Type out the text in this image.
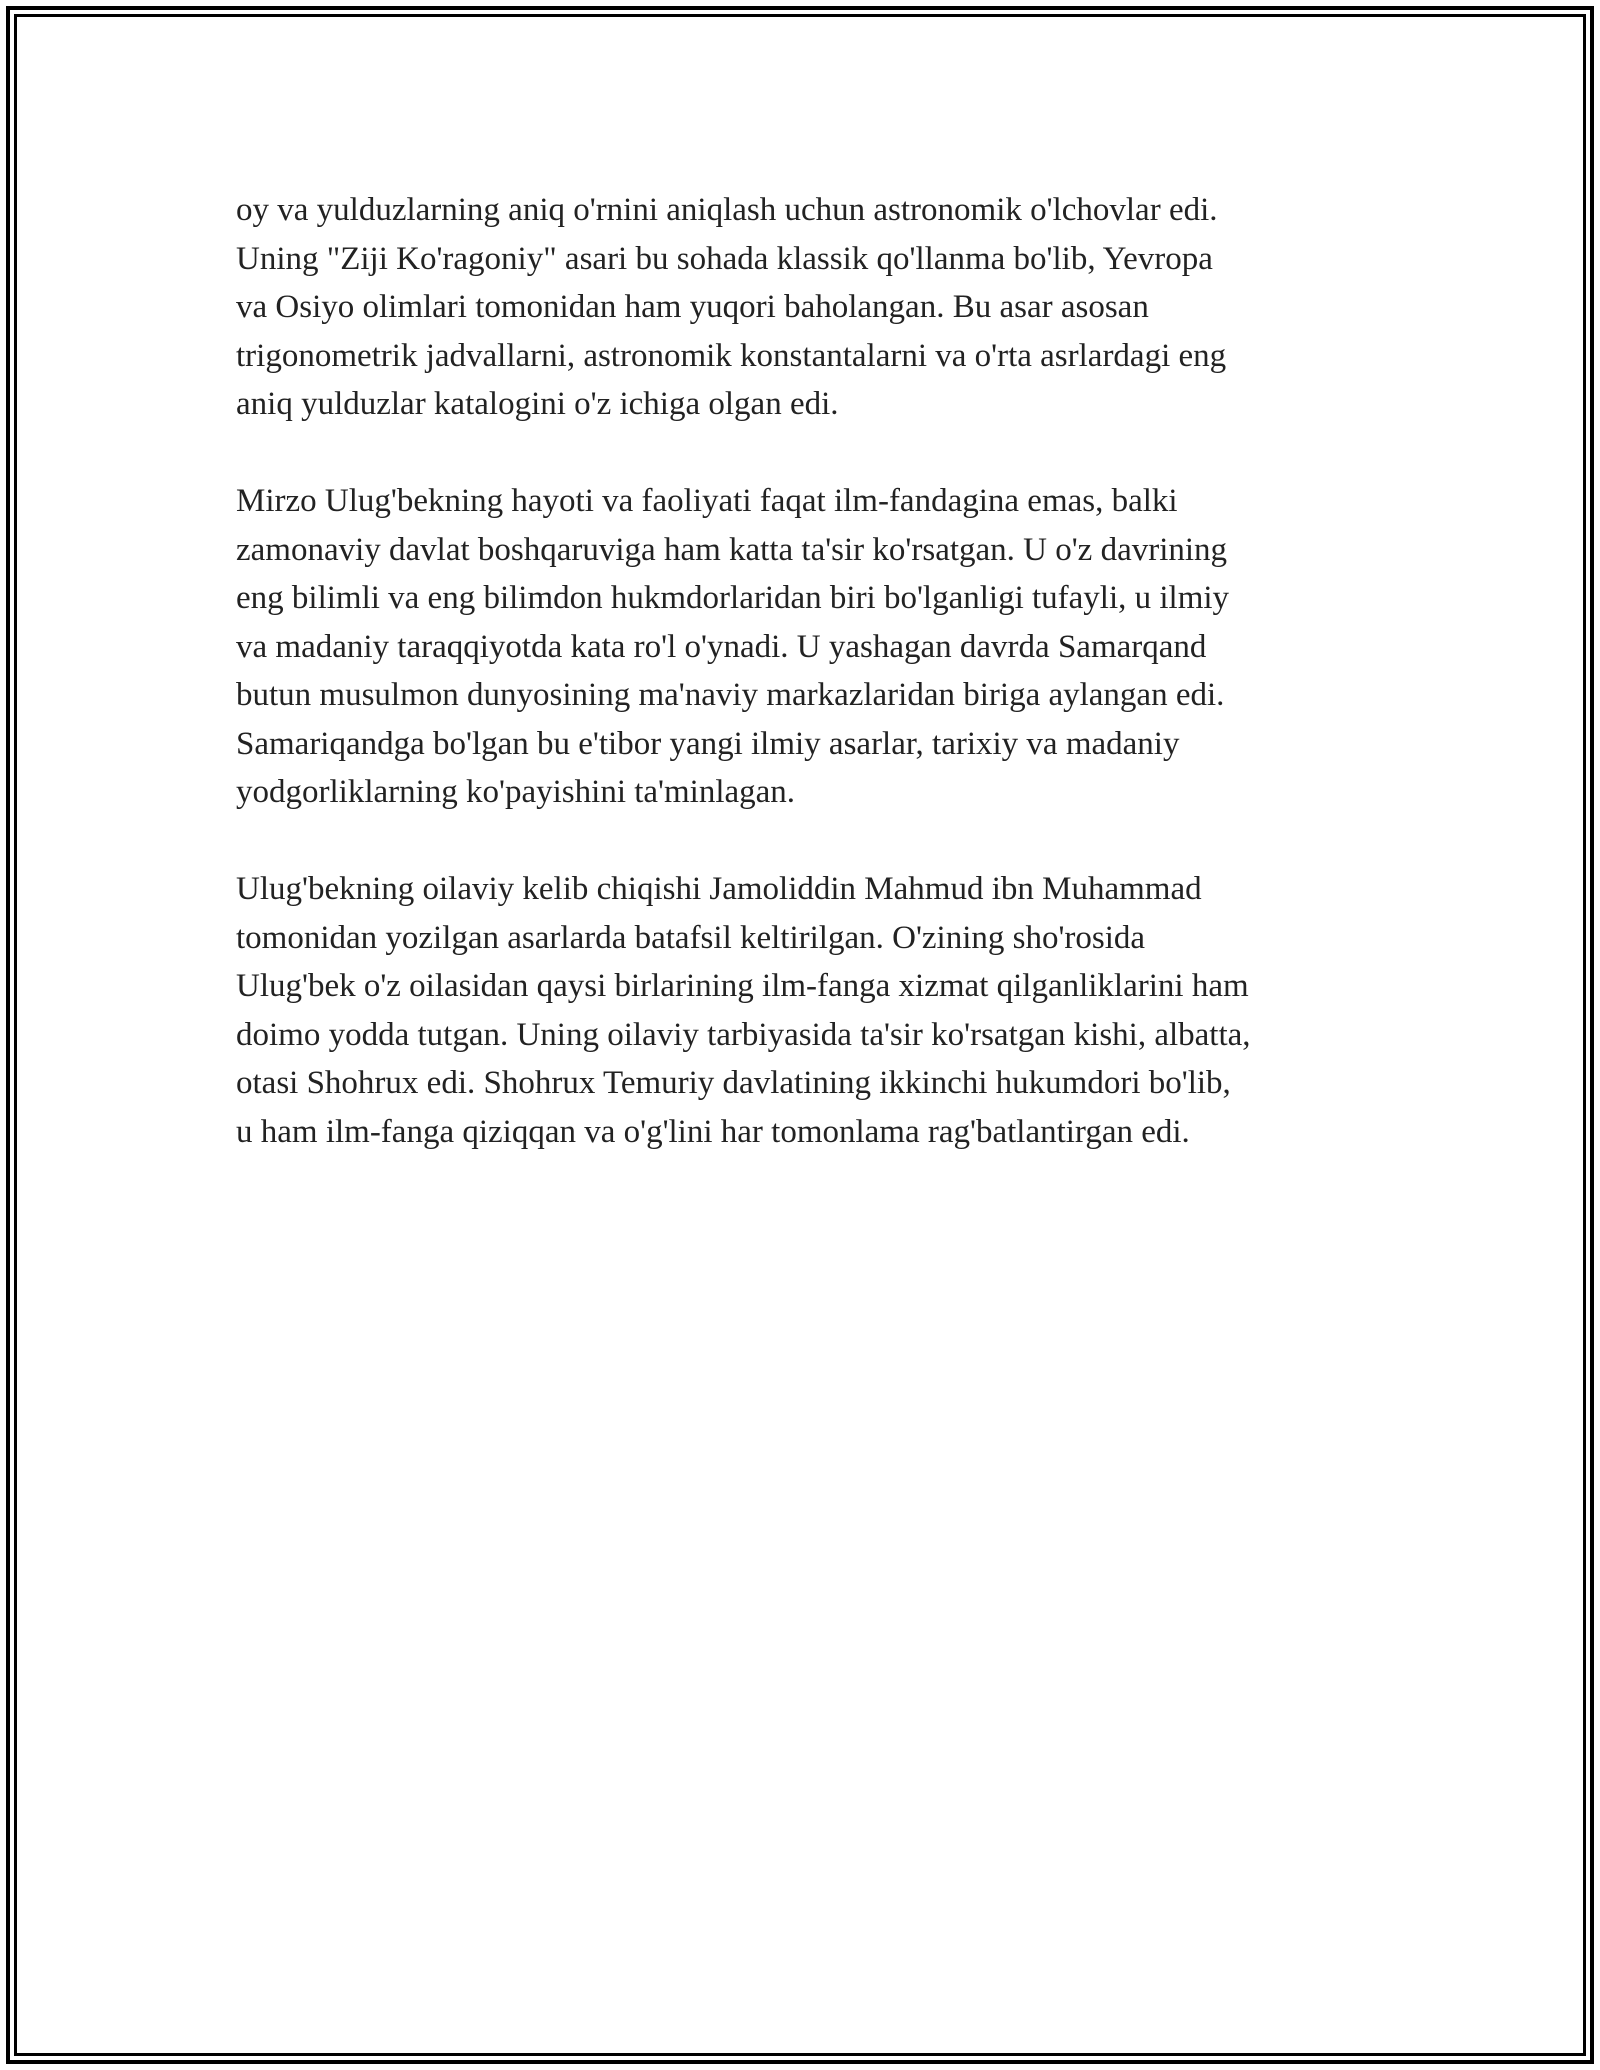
oy va yulduzlarning aniq o'rnini aniqlash uchun astronomik o'lchovlar edi.
Uning "Ziji Ko'ragoniy" asari bu sohada klassik qo'llanma bo'lib, Yevropa
va Osiyo olimlari tomonidan ham yuqori baholangan. Bu asar asosan
trigonometrik jadvallarni, astronomik konstantalarni va o'rta asrlardagi eng
aniq yulduzlar katalogini o'z ichiga olgan edi.

Mirzo Ulug'bekning hayoti va faoliyati faqat ilm-fandagina emas, balki
zamonaviy davlat boshqaruviga ham katta ta'sir ko'rsatgan. U o'z davrining
eng bilimli va eng bilimdon hukmdorlaridan biri bo'lganligi tufayli, u ilmiy
va madaniy taraqqiyotda kata ro'l o'ynadi. U yashagan davrda Samarqand
butun musulmon dunyosining ma'naviy markazlaridan biriga aylangan edi.
Samariqandga bo'lgan bu e'tibor yangi ilmiy asarlar, tarixiy va madaniy
yodgorliklarning ko'payishini ta'minlagan.

Ulug'bekning oilaviy kelib chiqishi Jamoliddin Mahmud ibn Muhammad
tomonidan yozilgan asarlarda batafsil keltirilgan. O'zining sho'rosida
Ulug'bek o'z oilasidan qaysi birlarining ilm-fanga xizmat qilganliklarini ham
doimo yodda tutgan. Uning oilaviy tarbiyasida ta'sir ko'rsatgan kishi, albatta,
otasi Shohrux edi. Shohrux Temuriy davlatining ikkinchi hukumdori bo'lib,
u ham ilm-fanga qiziqqan va o'g'lini har tomonlama rag'batlantirgan edi.
